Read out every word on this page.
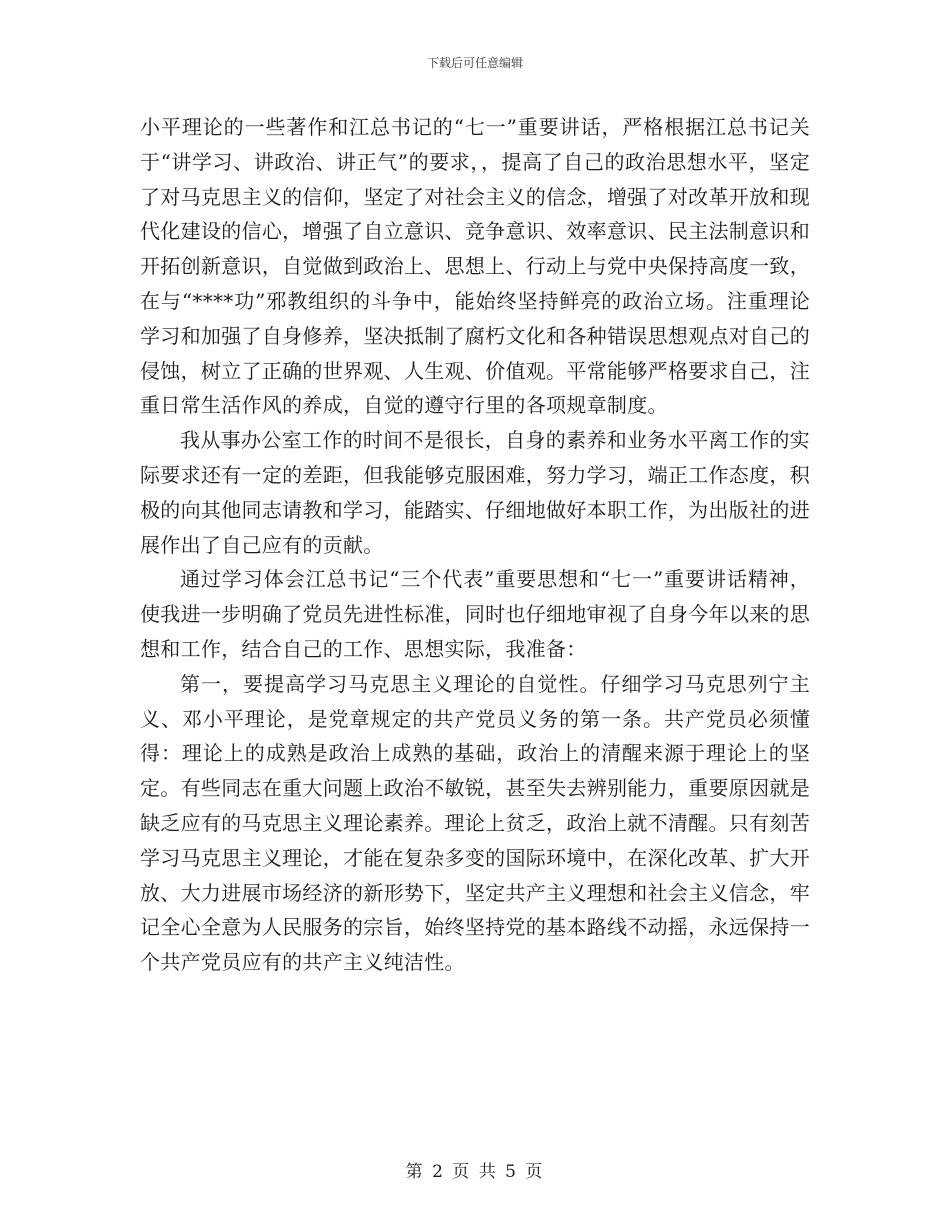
下载后可任意编辑

小平理论的一些著作和江总书记的“七一”重要讲话，严格根据江总书记关于“讲学习、讲政治、讲正气”的要求，，提高了自己的政治思想水平，坚定了对马克思主义的信仰，坚定了对社会主义的信念，增强了对改革开放和现代化建设的信心，增强了自立意识、竞争意识、效率意识、民主法制意识和开拓创新意识，自觉做到政治上、思想上、行动上与党中央保持高度一致，在与“****功”邪教组织的斗争中，能始终坚持鲜亮的政治立场。注重理论学习和加强了自身修养，坚决抵制了腐朽文化和各种错误思想观点对自己的侵蚀，树立了正确的世界观、人生观、价值观。平常能够严格要求自己，注重日常生活作风的养成，自觉的遵守行里的各项规章制度。

我从事办公室工作的时间不是很长，自身的素养和业务水平离工作的实际要求还有一定的差距，但我能够克服困难，努力学习，端正工作态度，积极的向其他同志请教和学习，能踏实、仔细地做好本职工作，为出版社的进展作出了自己应有的贡献。

通过学习体会江总书记“三个代表”重要思想和“七一”重要讲话精神，使我进一步明确了党员先进性标准，同时也仔细地审视了自身今年以来的思想和工作，结合自己的工作、思想实际，我准备：

第一，要提高学习马克思主义理论的自觉性。仔细学习马克思列宁主义、邓小平理论，是党章规定的共产党员义务的第一条。共产党员必须懂得：理论上的成熟是政治上成熟的基础，政治上的清醒来源于理论上的坚定。有些同志在重大问题上政治不敏锐，甚至失去辨别能力，重要原因就是缺乏应有的马克思主义理论素养。理论上贫乏，政治上就不清醒。只有刻苦学习马克思主义理论，才能在复杂多变的国际环境中，在深化改革、扩大开放、大力进展市场经济的新形势下，坚定共产主义理想和社会主义信念，牢记全心全意为人民服务的宗旨，始终坚持党的基本路线不动摇，永远保持一个共产党员应有的共产主义纯洁性。

第 2 页 共 5 页
